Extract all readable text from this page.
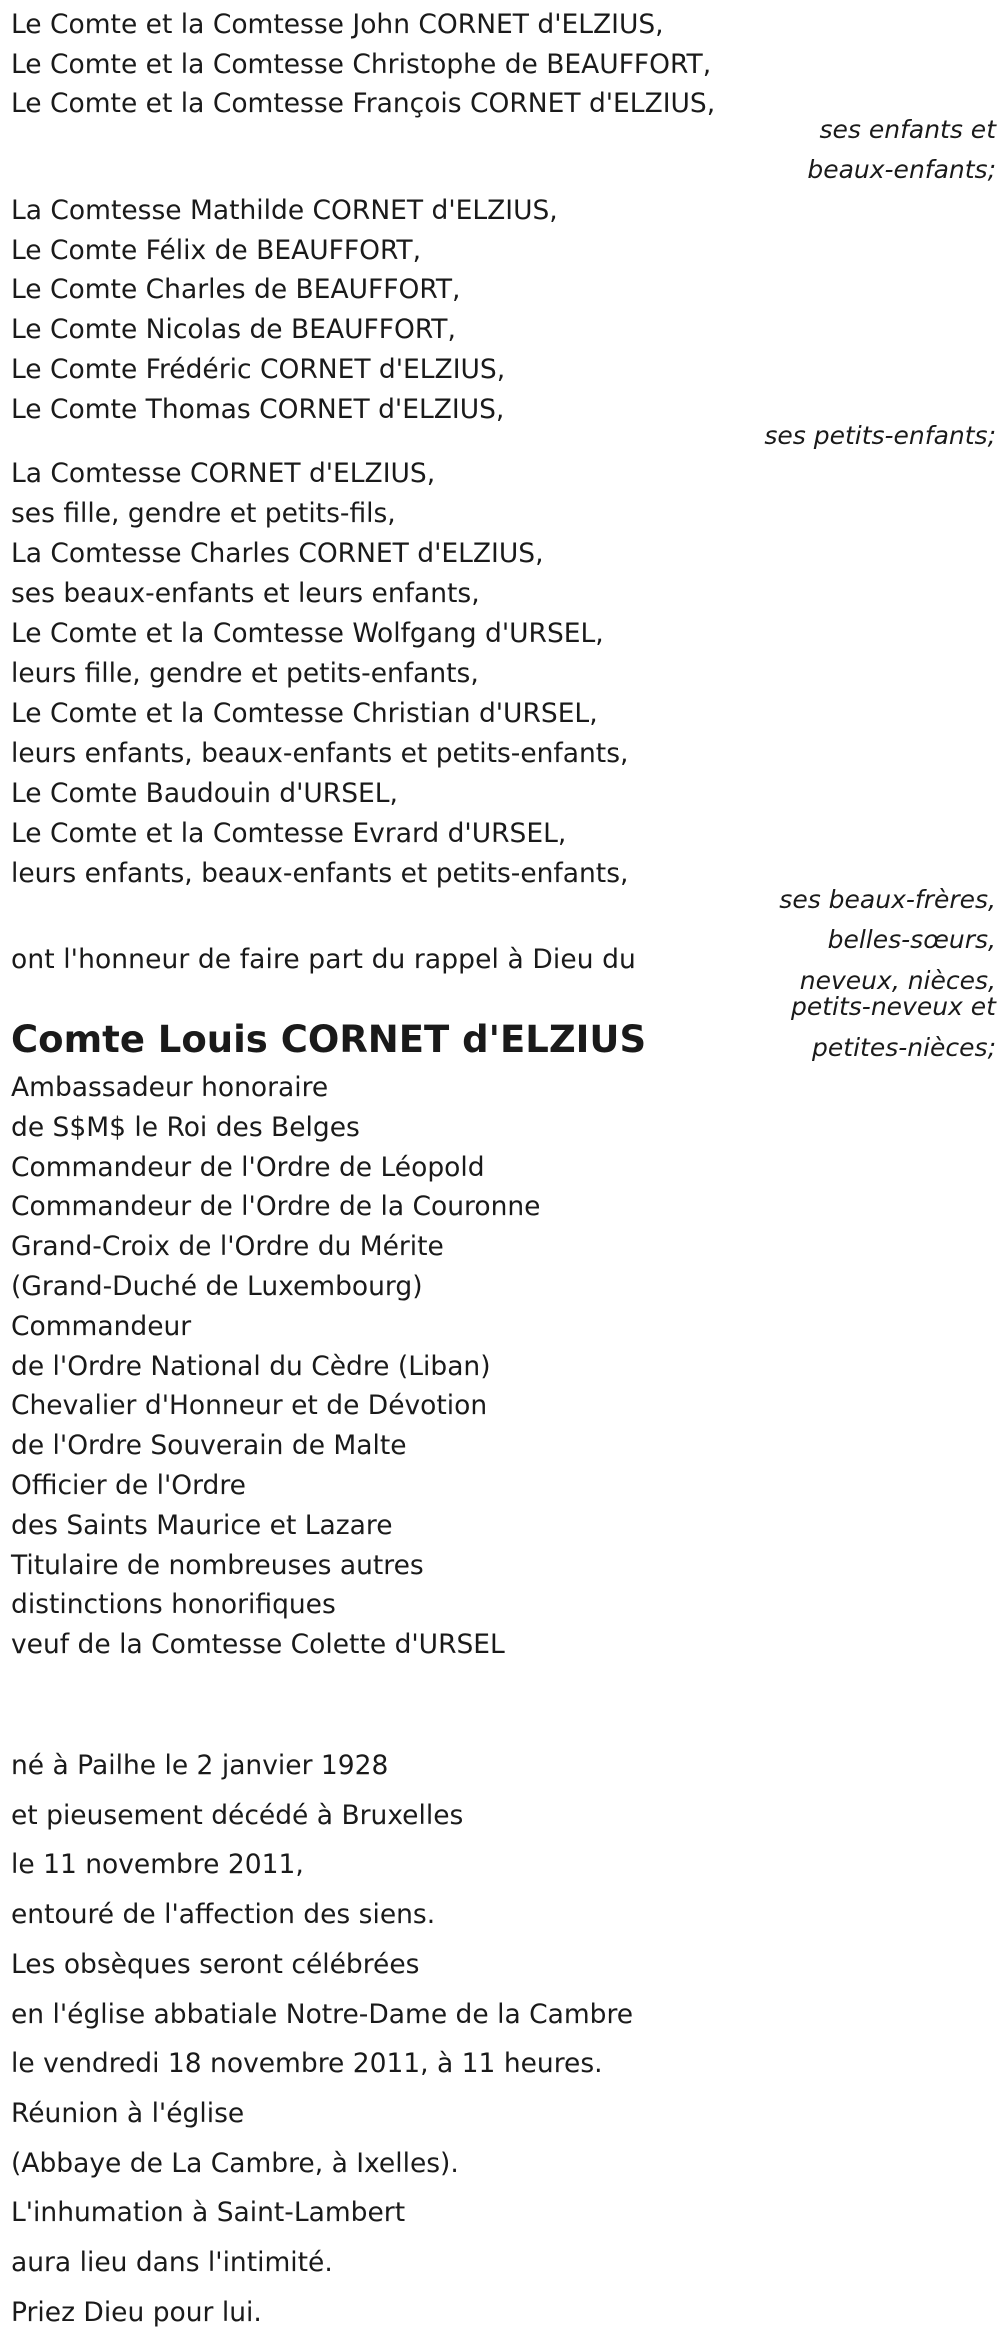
Le Comte et la Comtesse John CORNET d'ELZIUS,
Le Comte et la Comtesse Christophe de BEAUFFORT,
Le Comte et la Comtesse François CORNET d'ELZIUS,
ses enfants et
beaux-enfants;
La Comtesse Mathilde CORNET d'ELZIUS,
Le Comte Félix de BEAUFFORT,
Le Comte Charles de BEAUFFORT,
Le Comte Nicolas de BEAUFFORT,
Le Comte Frédéric CORNET d'ELZIUS,
Le Comte Thomas CORNET d'ELZIUS,
ses petits-enfants;
La Comtesse CORNET d'ELZIUS,
ses fille, gendre et petits-fils,
La Comtesse Charles CORNET d'ELZIUS,
ses beaux-enfants et leurs enfants,
Le Comte et la Comtesse Wolfgang d'URSEL,
leurs fille, gendre et petits-enfants,
Le Comte et la Comtesse Christian d'URSEL,
leurs enfants, beaux-enfants et petits-enfants,
Le Comte Baudouin d'URSEL,
Le Comte et la Comtesse Evrard d'URSEL,
leurs enfants, beaux-enfants et petits-enfants,
ses beaux-frères,
belles-sœurs,
neveux, nièces,
petits-neveux et
petites-nièces;
ont l'honneur de faire part du rappel à Dieu du
Comte Louis CORNET d'ELZIUS
Ambassadeur honoraire
de S$M$ le Roi des Belges
Commandeur de l'Ordre de Léopold
Commandeur de l'Ordre de la Couronne
Grand-Croix de l'Ordre du Mérite
(Grand-Duché de Luxembourg)
Commandeur
de l'Ordre National du Cèdre (Liban)
Chevalier d'Honneur et de Dévotion
de l'Ordre Souverain de Malte
Officier de l'Ordre
des Saints Maurice et Lazare
Titulaire de nombreuses autres
distinctions honorifiques
veuf de la Comtesse Colette d'URSEL
né à Pailhe le 2 janvier 1928
et pieusement décédé à Bruxelles
le 11 novembre 2011,
entouré de l'affection des siens.
Les obsèques seront célébrées
en l'église abbatiale Notre-Dame de la Cambre
le vendredi 18 novembre 2011, à 11 heures.
Réunion à l'église
(Abbaye de La Cambre, à Ixelles).
L'inhumation à Saint-Lambert
aura lieu dans l'intimité.
Priez Dieu pour lui.
